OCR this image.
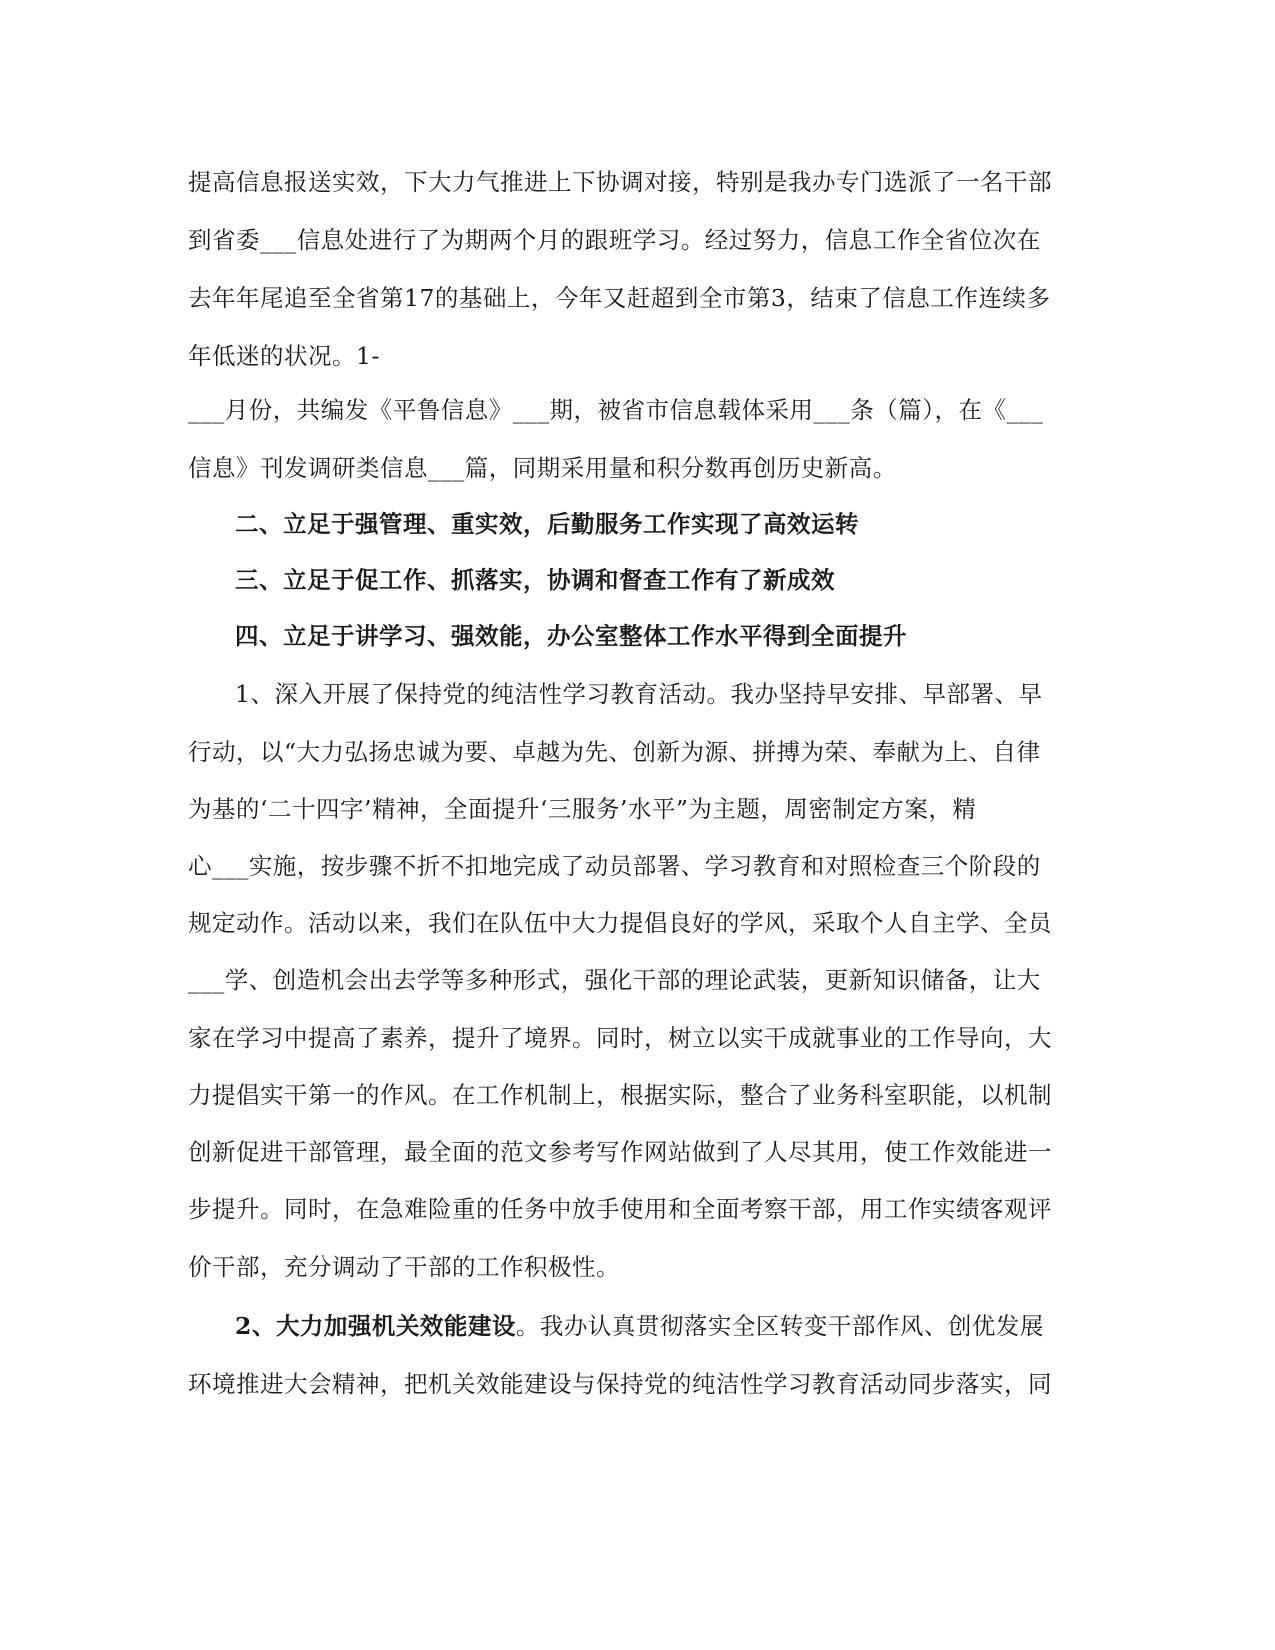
提高信息报送实效，下大力气推进上下协调对接，特别是我办专门选派了一名干部
到省委___信息处进行了为期两个月的跟班学习。经过努力，信息工作全省位次在
去年年尾追至全省第17的基础上，今年又赶超到全市第3，结束了信息工作连续多
年低迷的状况。1-
___月份，共编发《平鲁信息》___期，被省市信息载体采用___条（篇），在《___
信息》刊发调研类信息___篇，同期采用量和积分数再创历史新高。
二、立足于强管理、重实效，后勤服务工作实现了高效运转
三、立足于促工作、抓落实，协调和督查工作有了新成效
四、立足于讲学习、强效能，办公室整体工作水平得到全面提升
1、深入开展了保持党的纯洁性学习教育活动。我办坚持早安排、早部署、早
行动，以“大力弘扬忠诚为要、卓越为先、创新为源、拼搏为荣、奉献为上、自律
为基的‘二十四字’精神，全面提升‘三服务’水平”为主题，周密制定方案，精
心___实施，按步骤不折不扣地完成了动员部署、学习教育和对照检查三个阶段的
规定动作。活动以来，我们在队伍中大力提倡良好的学风，采取个人自主学、全员
___学、创造机会出去学等多种形式，强化干部的理论武装，更新知识储备，让大
家在学习中提高了素养，提升了境界。同时，树立以实干成就事业的工作导向，大
力提倡实干第一的作风。在工作机制上，根据实际，整合了业务科室职能，以机制
创新促进干部管理，最全面的范文参考写作网站做到了人尽其用，使工作效能进一
步提升。同时，在急难险重的任务中放手使用和全面考察干部，用工作实绩客观评
价干部，充分调动了干部的工作积极性。
2、大力加强机关效能建设。我办认真贯彻落实全区转变干部作风、创优发展
环境推进大会精神，把机关效能建设与保持党的纯洁性学习教育活动同步落实，同
